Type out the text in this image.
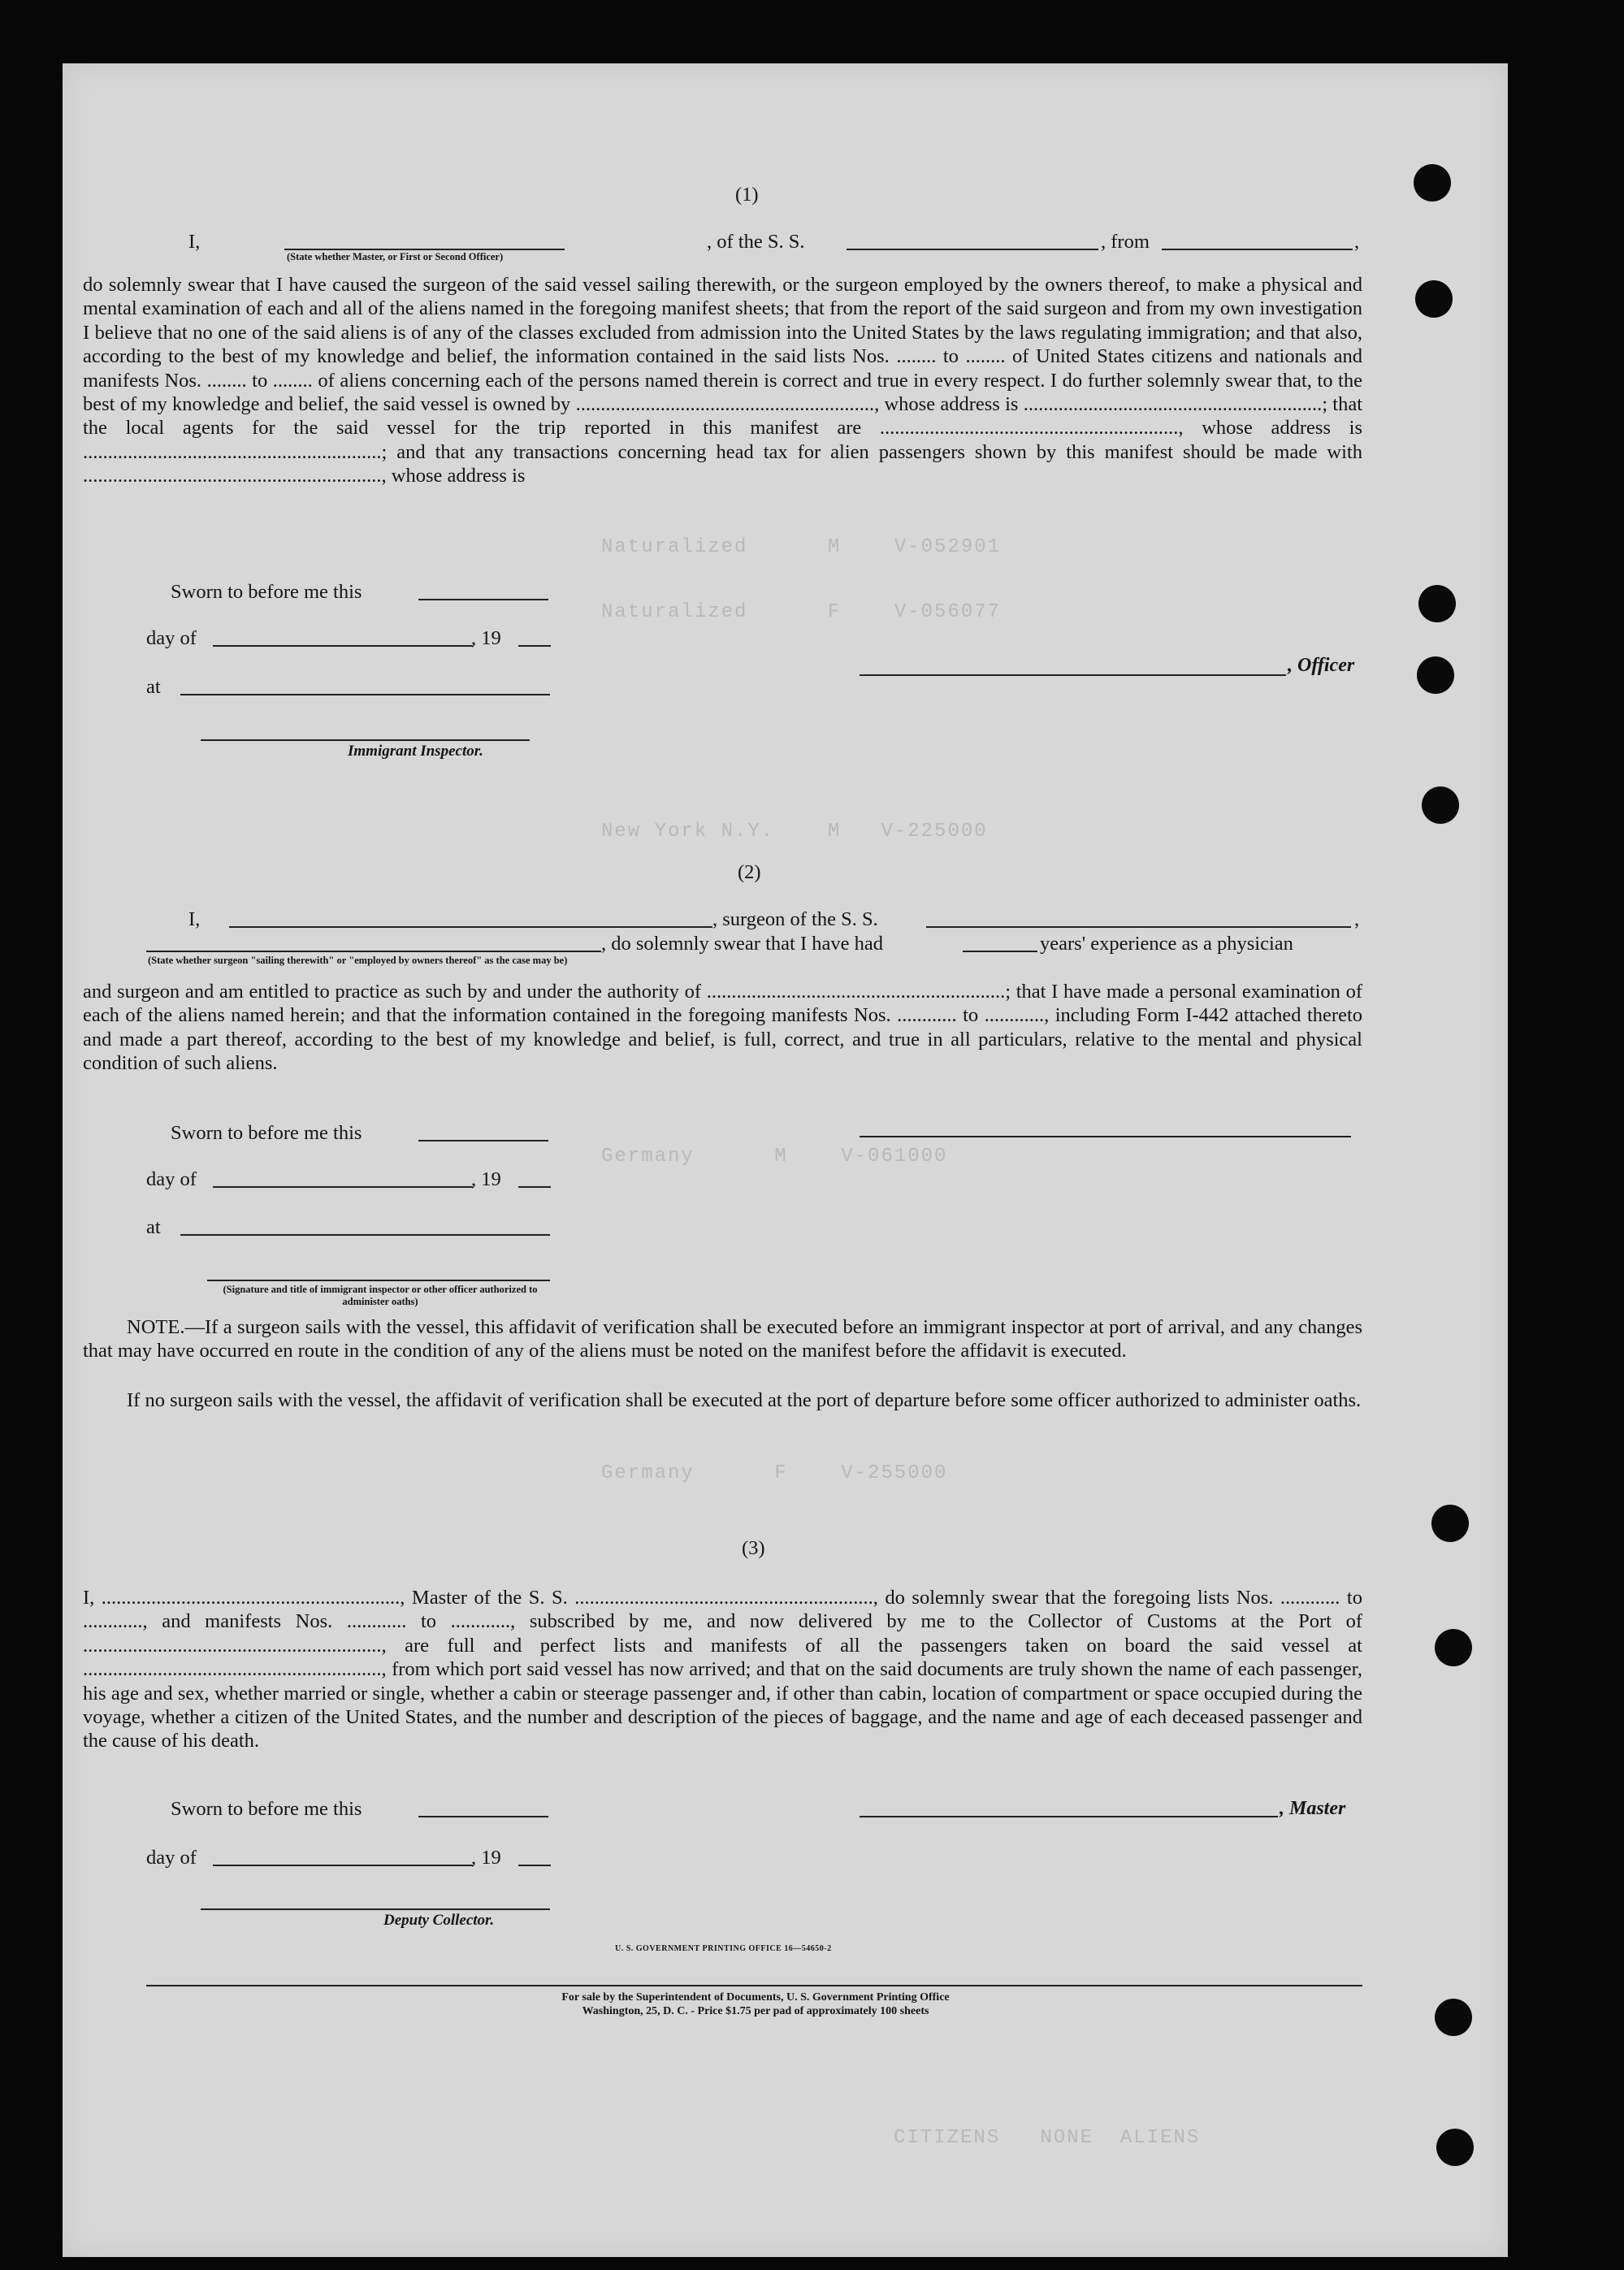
Naturalized      M    V-052901
Naturalized      F    V-056077
New York N.Y.    M   V-225000
Germany      M    V-061000
Germany      F    V-255000
CITIZENS   NONE  ALIENS
(1)
I,
(State whether Master, or First or Second Officer)
, of the S. S.	, from	,

do solemnly swear that I have caused the surgeon of the said vessel sailing therewith, or the surgeon employed by the owners thereof, to make a physical and mental examination of each and all of the aliens named in the foregoing manifest sheets; that from the report of the said surgeon and from my own investigation I believe that no one of the said aliens is of any of the classes excluded from admission into the United States by the laws regulating immigration; and that also, according to the best of my knowledge and belief, the information contained in the said lists Nos. ........ to ........ of United States citizens and nationals and manifests Nos. ........ to ........ of aliens concerning each of the persons named therein is correct and true in every respect. I do further solemnly swear that, to the best of my knowledge and belief, the said vessel is owned by ............................................................, whose address is ............................................................; that the local agents for the said vessel for the trip reported in this manifest are ............................................................, whose address is ............................................................; and that any transactions concerning head tax for alien passengers shown by this manifest should be made with ............................................................, whose address is

Sworn to before me this
day of	, 19
at
, Officer
Immigrant Inspector.
(2)
I,	, surgeon of the S. S.	,
, do solemnly swear that I have had	years' experience as a physician
(State whether surgeon "sailing therewith" or "employed by owners thereof" as the case may be)

and surgeon and am entitled to practice as such by and under the authority of ............................................................; that I have made a personal examination of each of the aliens named herein; and that the information contained in the foregoing manifests Nos. ............ to ............, including Form I-442 attached thereto and made a part thereof, according to the best of my knowledge and belief, is full, correct, and true in all particulars, relative to the mental and physical condition of such aliens.

Sworn to before me this
day of	, 19
at
(Signature and title of immigrant inspector or other officer authorized to administer oaths)

NOTE.—If a surgeon sails with the vessel, this affidavit of verification shall be executed before an immigrant inspector at port of arrival, and any changes that may have occurred en route in the condition of any of the aliens must be noted on the manifest before the affidavit is executed.

If no surgeon sails with the vessel, the affidavit of verification shall be executed at the port of departure before some officer authorized to administer oaths.

(3)

I, ............................................................, Master of the S. S. ............................................................, do solemnly swear that the foregoing lists Nos. ............ to ............, and manifests Nos. ............ to ............, subscribed by me, and now delivered by me to the Collector of Customs at the Port of ............................................................, are full and perfect lists and manifests of all the passengers taken on board the said vessel at ............................................................, from which port said vessel has now arrived; and that on the said documents are truly shown the name of each passenger, his age and sex, whether married or single, whether a cabin or steerage passenger and, if other than cabin, location of compartment or space occupied during the voyage, whether a citizen of the United States, and the number and description of the pieces of baggage, and the name and age of each deceased passenger and the cause of his death.

Sworn to before me this	, Master
day of	, 19
Deputy Collector.
U. S. GOVERNMENT PRINTING OFFICE 16—54650-2
For sale by the Superintendent of Documents, U. S. Government Printing Office
Washington, 25, D. C. - Price $1.75 per pad of approximately 100 sheets
